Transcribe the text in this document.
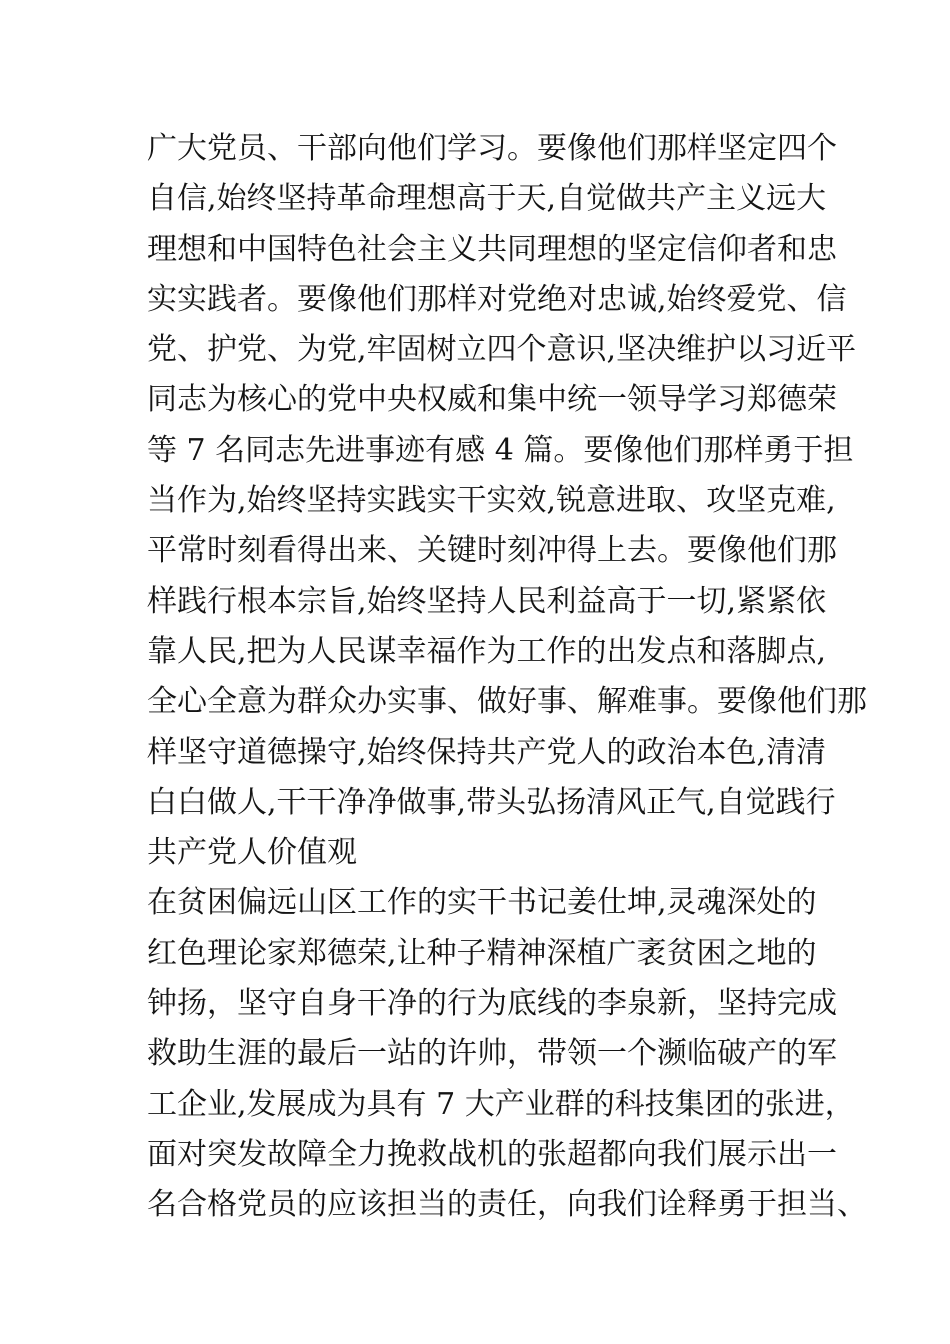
广大党员、干部向他们学习。要像他们那样坚定四个
自信,始终坚持革命理想高于天,自觉做共产主义远大
理想和中国特色社会主义共同理想的坚定信仰者和忠
实实践者。要像他们那样对党绝对忠诚,始终爱党、信
党、护党、为党,牢固树立四个意识,坚决维护以习近平
同志为核心的党中央权威和集中统一领导学习郑德荣
等 7 名同志先进事迹有感 4 篇。要像他们那样勇于担
当作为,始终坚持实践实干实效,锐意进取、攻坚克难,
平常时刻看得出来、关键时刻冲得上去。要像他们那
样践行根本宗旨,始终坚持人民利益高于一切,紧紧依
靠人民,把为人民谋幸福作为工作的出发点和落脚点,
全心全意为群众办实事、做好事、解难事。要像他们那
样坚守道德操守,始终保持共产党人的政治本色,清清
白白做人,干干净净做事,带头弘扬清风正气,自觉践行
共产党人价值观
在贫困偏远山区工作的实干书记姜仕坤,灵魂深处的
红色理论家郑德荣,让种子精神深植广袤贫困之地的
钟扬，坚守自身干净的行为底线的李泉新，坚持完成
救助生涯的最后一站的许帅，带领一个濒临破产的军
工企业,发展成为具有 7 大产业群的科技集团的张进，
面对突发故障全力挽救战机的张超都向我们展示出一
名合格党员的应该担当的责任，向我们诠释勇于担当、
